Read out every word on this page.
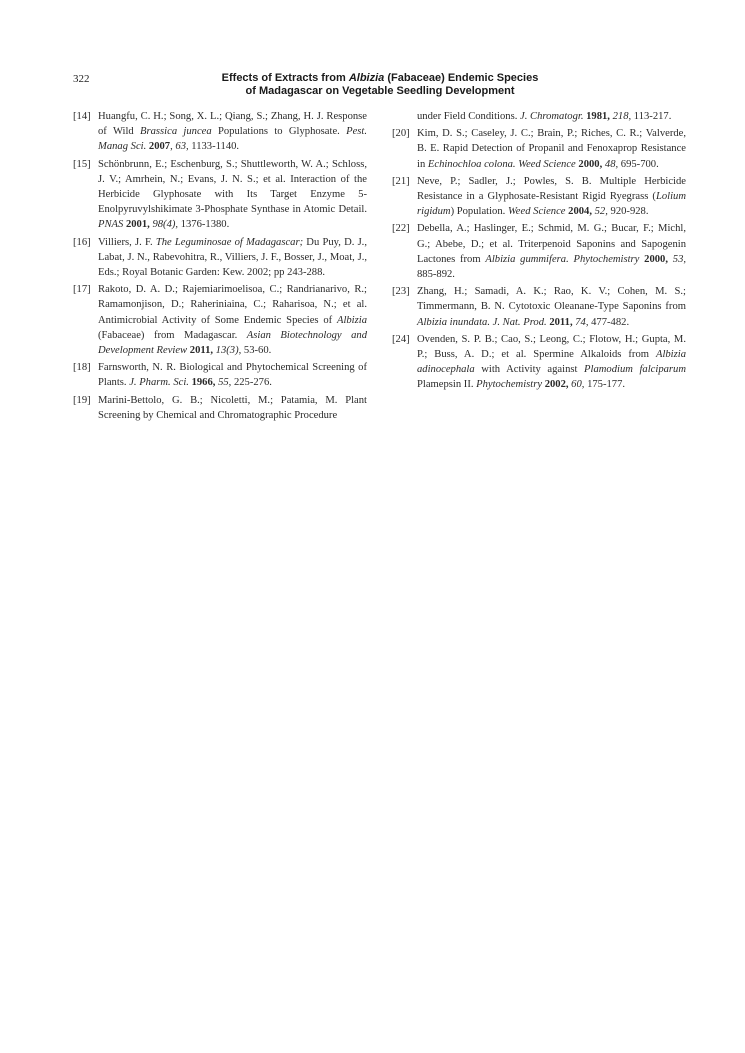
322	Effects of Extracts from Albizia (Fabaceae) Endemic Species
of Madagascar on Vegetable Seedling Development
[14] Huangfu, C. H.; Song, X. L.; Qiang, S.; Zhang, H. J. Response of Wild Brassica juncea Populations to Glyphosate. Pest. Manag Sci. 2007, 63, 1133-1140.
[15] Schönbrunn, E.; Eschenburg, S.; Shuttleworth, W. A.; Schloss, J. V.; Amrhein, N.; Evans, J. N. S.; et al. Interaction of the Herbicide Glyphosate with Its Target Enzyme 5-Enolpyruvylshikimate 3-Phosphate Synthase in Atomic Detail. PNAS 2001, 98(4), 1376-1380.
[16] Villiers, J. F. The Leguminosae of Madagascar; Du Puy, D. J., Labat, J. N., Rabevohitra, R., Villiers, J. F., Bosser, J., Moat, J., Eds.; Royal Botanic Garden: Kew. 2002; pp 243-288.
[17] Rakoto, D. A. D.; Rajemiarimoelisoa, C.; Randrianarivo, R.; Ramamonjison, D.; Raheriniaina, C.; Raharisoa, N.; et al. Antimicrobial Activity of Some Endemic Species of Albizia (Fabaceae) from Madagascar. Asian Biotechnology and Development Review 2011, 13(3), 53-60.
[18] Farnsworth, N. R. Biological and Phytochemical Screening of Plants. J. Pharm. Sci. 1966, 55, 225-276.
[19] Marini-Bettolo, G. B.; Nicoletti, M.; Patamia, M. Plant Screening by Chemical and Chromatographic Procedure
under Field Conditions. J. Chromatogr. 1981, 218, 113-217.
[20] Kim, D. S.; Caseley, J. C.; Brain, P.; Riches, C. R.; Valverde, B. E. Rapid Detection of Propanil and Fenoxaprop Resistance in Echinochloa colona. Weed Science 2000, 48, 695-700.
[21] Neve, P.; Sadler, J.; Powles, S. B. Multiple Herbicide Resistance in a Glyphosate-Resistant Rigid Ryegrass (Lolium rigidum) Population. Weed Science 2004, 52, 920-928.
[22] Debella, A.; Haslinger, E.; Schmid, M. G.; Bucar, F.; Michl, G.; Abebe, D.; et al. Triterpenoid Saponins and Sapogenin Lactones from Albizia gummifera. Phytochemistry 2000, 53, 885-892.
[23] Zhang, H.; Samadi, A. K.; Rao, K. V.; Cohen, M. S.; Timmermann, B. N. Cytotoxic Oleanane-Type Saponins from Albizia inundata. J. Nat. Prod. 2011, 74, 477-482.
[24] Ovenden, S. P. B.; Cao, S.; Leong, C.; Flotow, H.; Gupta, M. P.; Buss, A. D.; et al. Spermine Alkaloids from Albizia adinocephala with Activity against Plamodium falciparum Plamepsin II. Phytochemistry 2002, 60, 175-177.
